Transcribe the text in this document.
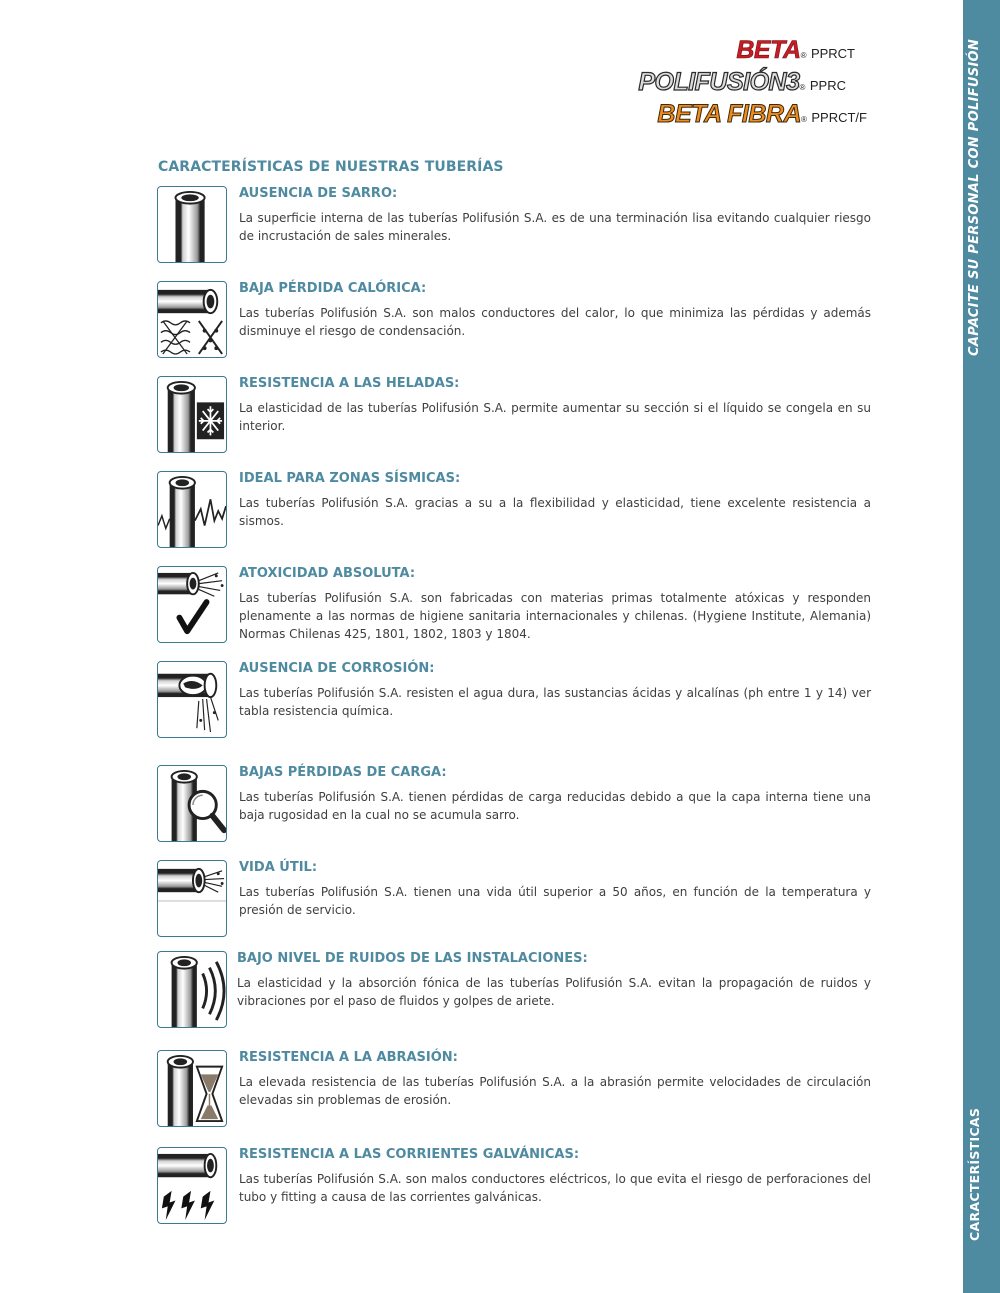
CAPACITE SU PERSONAL CON POLIFUSIÓN
CARACTERÍSTICAS
BETA® PPRCT
POLIFUSIÓN3® PPRC
BETA FIBRA® PPRCT/F
CARACTERÍSTICAS DE NUESTRAS TUBERÍAS
AUSENCIA DE SARRO:

La superficie interna de las tuberías Polifusión S.A. es de una terminación lisa evitando cualquier riesgo de incrustación de sales minerales.

BAJA PÉRDIDA CALÓRICA:

Las tuberías Polifusión S.A. son malos conductores del calor, lo que minimiza las pérdidas y además disminuye el riesgo de condensación.

RESISTENCIA A LAS HELADAS:

La elasticidad de las tuberías Polifusión S.A. permite aumentar su sección si el líquido se congela en su interior.

IDEAL PARA ZONAS SÍSMICAS:

Las tuberías Polifusión S.A. gracias a su a la flexibilidad y elasticidad, tiene excelente resistencia a sismos.

ATOXICIDAD ABSOLUTA:

Las tuberías Polifusión S.A. son fabricadas con materias primas totalmente atóxicas y responden plenamente a las normas de higiene sanitaria internacionales y chilenas. (Hygiene Institute, Alemania) Normas Chilenas 425, 1801, 1802, 1803 y 1804.

AUSENCIA DE CORROSIÓN:

Las tuberías Polifusión S.A. resisten el agua dura, las sustancias ácidas y alcalínas (ph entre 1 y 14) ver tabla resistencia química.

BAJAS PÉRDIDAS DE CARGA:

Las tuberías Polifusión S.A. tienen pérdidas de carga reducidas debido a que la capa interna tiene una baja rugosidad en la cual no se acumula sarro.

VIDA ÚTIL:

Las tuberías Polifusión S.A. tienen una vida útil superior a 50 años, en función de la temperatura y presión de servicio.

BAJO NIVEL DE RUIDOS DE LAS INSTALACIONES:

La elasticidad y la absorción fónica de las tuberías Polifusión S.A. evitan la propagación de ruidos y vibraciones por el paso de fluidos y golpes de ariete.

RESISTENCIA A LA ABRASIÓN:

La elevada resistencia de las tuberías Polifusión S.A. a la abrasión permite velocidades de circulación elevadas sin problemas de erosión.

RESISTENCIA A LAS CORRIENTES GALVÁNICAS:

Las tuberías Polifusión S.A. son malos conductores eléctricos, lo que evita el riesgo de perforaciones del tubo y fitting a causa de las corrientes galvánicas.
